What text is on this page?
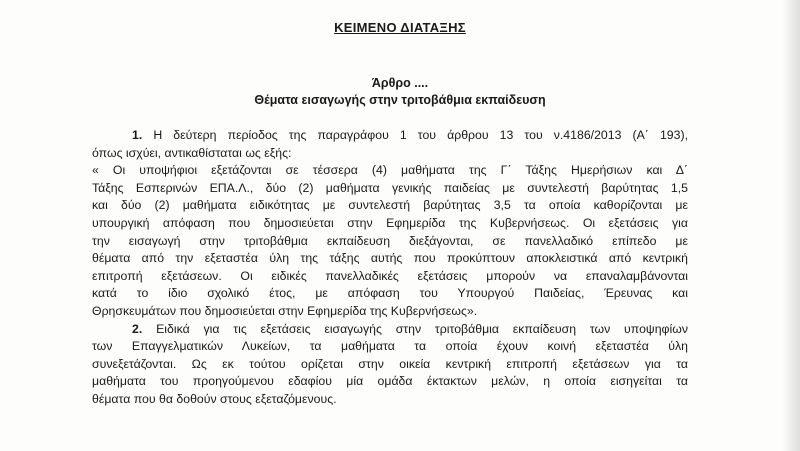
ΚΕΙΜΕΝΟ ΔΙΑΤΑΞΗΣ
Άρθρο ....
Θέματα εισαγωγής στην τριτοβάθμια εκπαίδευση
1. Η δεύτερη περίοδος της παραγράφου 1 του άρθρου 13 του ν.4186/2013 (Α΄ 193),
όπως ισχύει, αντικαθίσταται ως εξής:
« Οι υποψήφιοι εξετάζονται σε τέσσερα (4) μαθήματα της Γ΄ Τάξης Ημερήσιων και Δ΄
Τάξης Εσπερινών ΕΠΑ.Λ., δύο (2) μαθήματα γενικής παιδείας με συντελεστή βαρύτητας 1,5
και δύο (2) μαθήματα ειδικότητας με συντελεστή βαρύτητας 3,5 τα οποία καθορίζονται με
υπουργική απόφαση που δημοσιεύεται στην Εφημερίδα της Κυβερνήσεως. Οι εξετάσεις για
την εισαγωγή στην τριτοβάθμια εκπαίδευση διεξάγονται, σε πανελλαδικό επίπεδο με
θέματα από την εξεταστέα ύλη της τάξης αυτής που προκύπτουν αποκλειστικά από κεντρική
επιτροπή εξετάσεων. Οι ειδικές πανελλαδικές εξετάσεις μπορούν να επαναλαμβάνονται
κατά το ίδιο σχολικό έτος, με απόφαση του Υπουργού Παιδείας, Έρευνας και
Θρησκευμάτων που δημοσιεύεται στην Εφημερίδα της Κυβερνήσεως».
2. Ειδικά για τις εξετάσεις εισαγωγής στην τριτοβάθμια εκπαίδευση των υποψηφίων
των Επαγγελματικών Λυκείων, τα μαθήματα τα οποία έχουν κοινή εξεταστέα ύλη
συνεξετάζονται. Ως εκ τούτου ορίζεται στην οικεία κεντρική επιτροπή εξετάσεων για τα
μαθήματα του προηγούμενου εδαφίου μία ομάδα έκτακτων μελών, η οποία εισηγείται τα
θέματα που θα δοθούν στους εξεταζόμενους.
